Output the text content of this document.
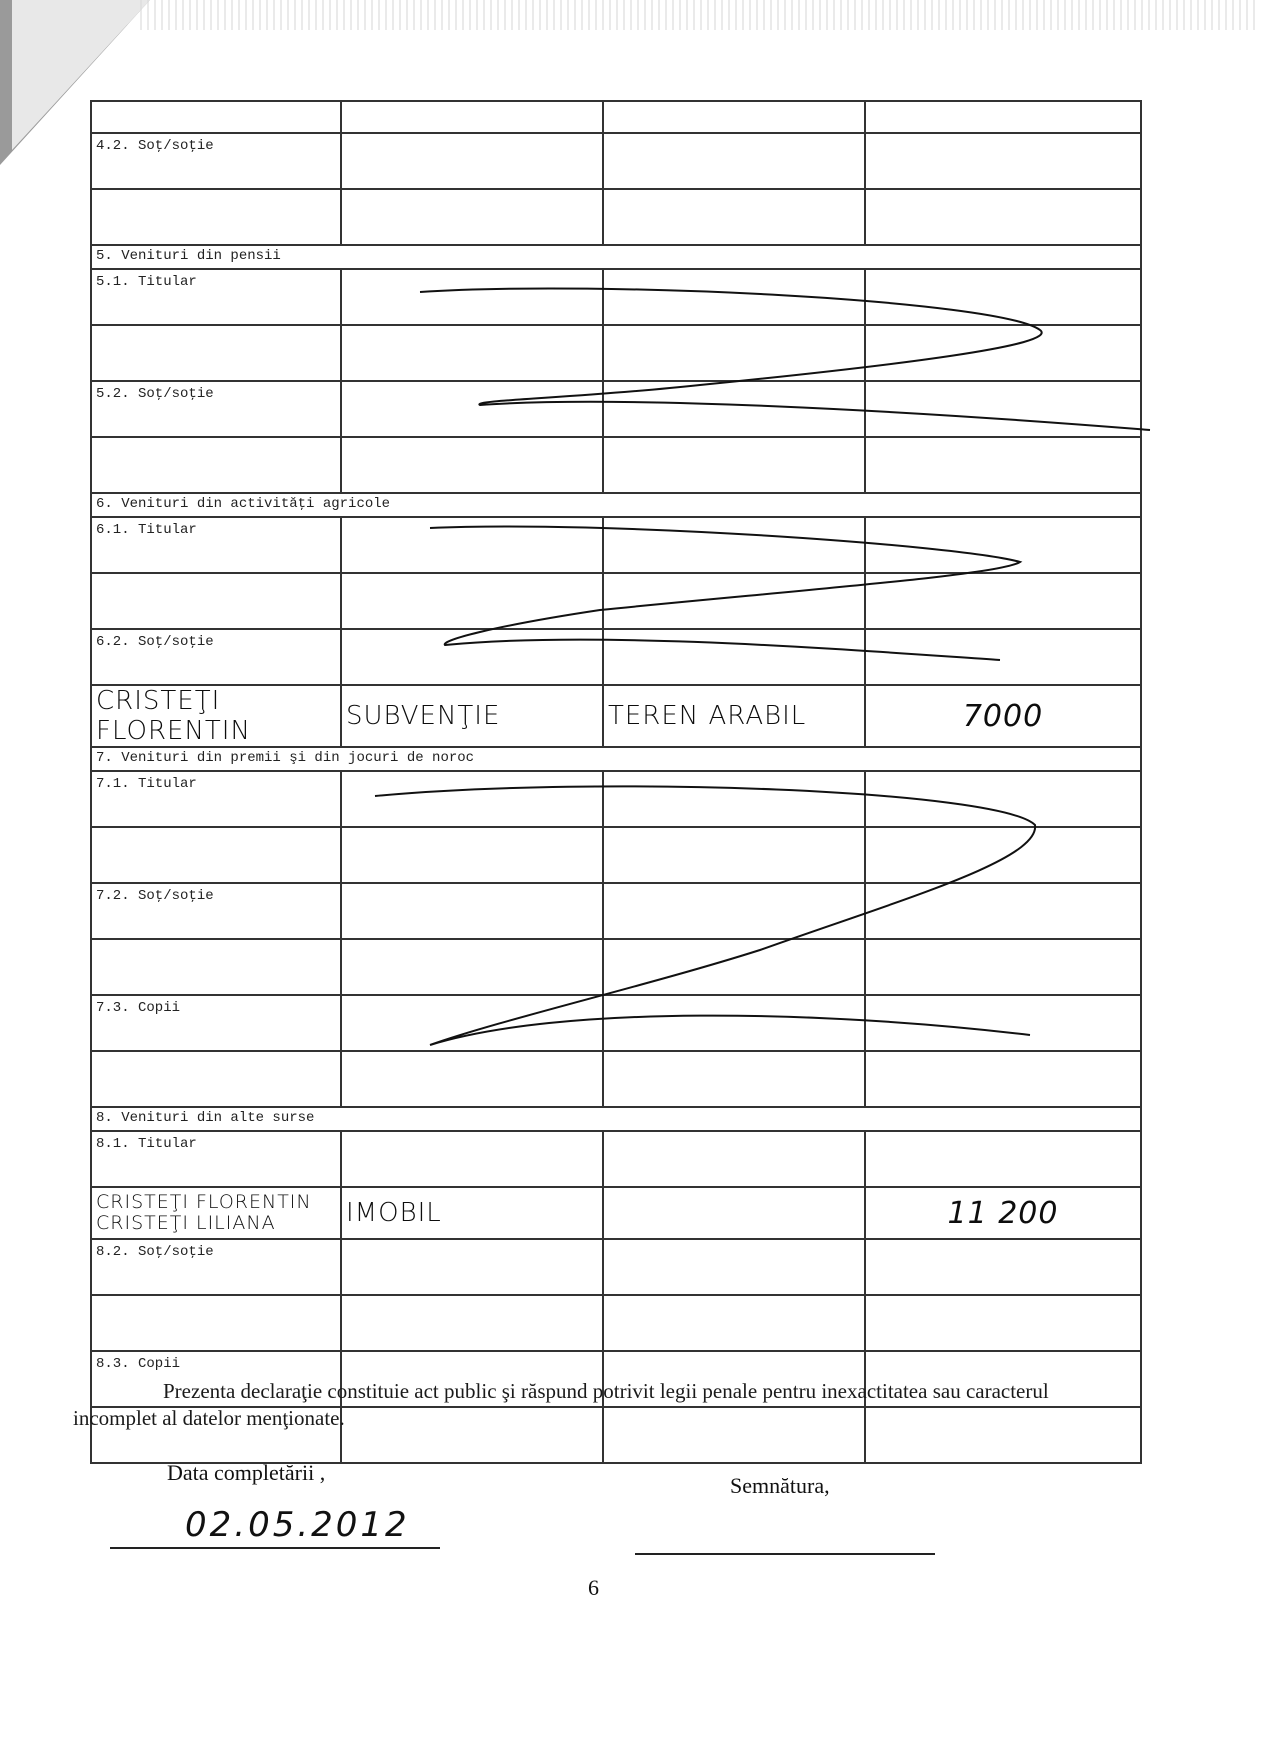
4.2. Soţ/soţie			

5. Venituri din pensii			
5.1. Titular			

5.2. Soţ/soţie			

6. Venituri din activităţi agricole			
6.1. Titular			

6.2. Soţ/soţie			
CRISTEŢI FLORENTIN	SUBVENŢIE	TEREN ARABIL	7000
7. Venituri din premii şi din jocuri de noroc			
7.1. Titular			

7.2. Soţ/soţie			

7.3. Copii			

8. Venituri din alte surse			
8.1. Titular			
CRISTEŢI FLORENTIN CRISTEŢI LILIANA	IMOBIL		11 200
8.2. Soţ/soţie			

8.3. Copii			

Prezenta declaraţie constituie act public şi răspund potrivit legii penale pentru inexactitatea sau caracterul incomplet al datelor menţionate.
Data completării ,
02.05.2012
Semnătura,
6
